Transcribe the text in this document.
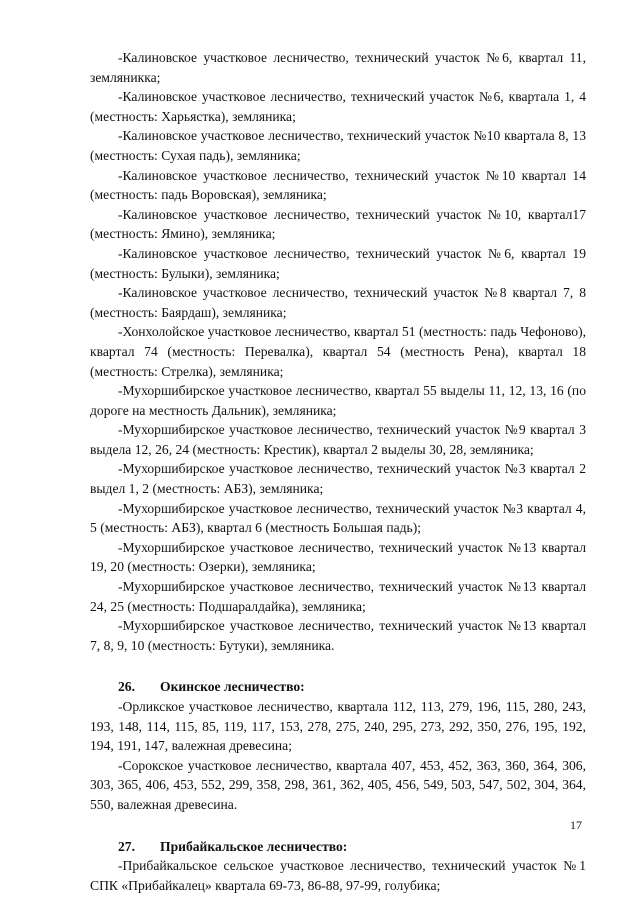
-Калиновское участковое лесничество, технический участок №6, квартал 11, земляникка;

-Калиновское участковое лесничество, технический участок №6, квартала 1, 4 (местность: Харьястка), земляника;

-Калиновское участковое лесничество, технический участок №10 квартала 8, 13 (местность: Сухая падь), земляника;

-Калиновское участковое лесничество, технический участок №10 квартал 14 (местность: падь Воровская), земляника;

-Калиновское участковое лесничество, технический участок №10, квартал17 (местность: Ямино), земляника;

-Калиновское участковое лесничество, технический участок №6, квартал 19 (местность: Булыки), земляника;

-Калиновское участковое лесничество, технический участок №8 квартал 7, 8 (местность: Баярдаш), земляника;

-Хонхолойское участковое лесничество, квартал 51 (местность: падь Чефоново), квартал 74 (местность: Перевалка), квартал 54 (местность Рена), квартал 18 (местность: Стрелка), земляника;

-Мухоршибирское участковое лесничество, квартал 55 выделы 11, 12, 13, 16 (по дороге на местность Дальник), земляника;

-Мухоршибирское участковое лесничество, технический участок №9 квартал 3 выдела 12, 26, 24 (местность: Крестик), квартал 2 выделы 30, 28, земляника;

-Мухоршибирское участковое лесничество, технический участок №3 квартал 2 выдел 1, 2 (местность: АБЗ), земляника;

-Мухоршибирское участковое лесничество, технический участок №3 квартал 4, 5 (местность: АБЗ), квартал 6 (местность Большая падь);

-Мухоршибирское участковое лесничество, технический участок №13 квартал 19, 20 (местность: Озерки), земляника;

-Мухоршибирское участковое лесничество, технический участок №13 квартал 24, 25 (местность: Подшаралдайка), земляника;

-Мухоршибирское участковое лесничество, технический участок №13 квартал 7, 8, 9, 10 (местность: Бутуки), земляника.

26.	Окинское лесничество:

-Орликское участковое лесничество, квартала 112, 113, 279, 196, 115, 280, 243, 193, 148, 114, 115, 85, 119, 117, 153, 278, 275, 240, 295, 273, 292, 350, 276, 195, 192, 194, 191, 147, валежная древесина;

-Сорокское участковое лесничество, квартала 407, 453, 452, 363, 360, 364, 306, 303, 365, 406, 453, 552, 299, 358, 298, 361, 362, 405, 456, 549, 503, 547, 502, 304, 364, 550, валежная древесина.

27.	Прибайкальское лесничество:

-Прибайкальское сельское участковое лесничество, технический участок №1 СПК «Прибайкалец» квартала 69-73, 86-88, 97-99, голубика;

17
